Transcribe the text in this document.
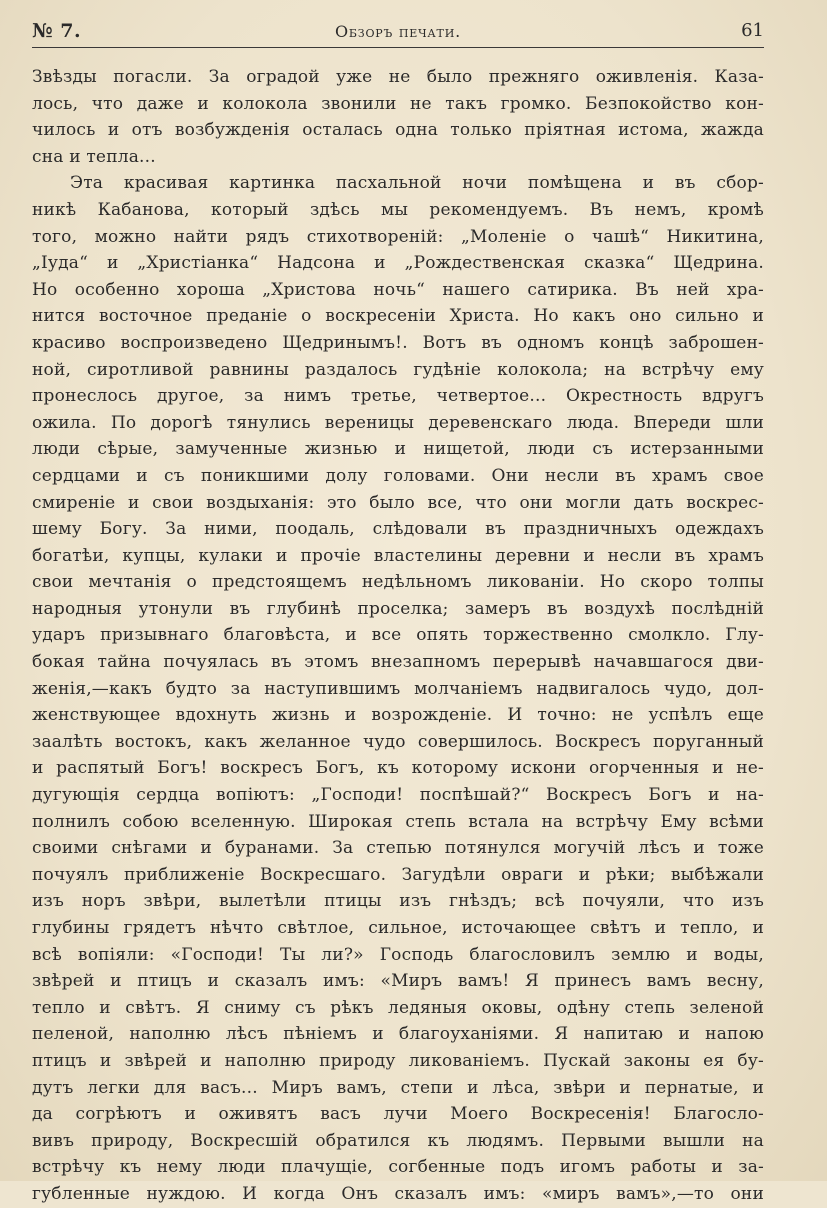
№ 7.	Обзоръ печати.	61
Звѣзды погасли. За оградой уже не было прежняго оживленія. Каза-
лось, что даже и колокола звонили не такъ громко. Безпокойство кон-
чилось и отъ возбужденія осталась одна только пріятная истома, жажда
сна и тепла...
Эта красивая картинка пасхальной ночи помѣщена и въ сбор-
никѣ Кабанова, который здѣсь мы рекомендуемъ. Въ немъ, кромѣ
того, можно найти рядъ стихотвореній: „Моленіе о чашѣ“ Никитина,
„Іуда“ и „Христіанка“ Надсона и „Рождественская сказка“ Щедрина.
Но особенно хороша „Христова ночь“ нашего сатирика. Въ ней хра-
нится восточное преданіе о воскресеніи Христа. Но какъ оно сильно и
красиво воспроизведено Щедринымъ!. Вотъ въ одномъ концѣ заброшен-
ной, сиротливой равнины раздалось гудѣніе колокола; на встрѣчу ему
пронеслось другое, за нимъ третье, четвертое... Окрестность вдругъ
ожила. По дорогѣ тянулись вереницы деревенскаго люда. Впереди шли
люди сѣрые, замученные жизнью и нищетой, люди съ истерзанными
сердцами и съ поникшими долу головами. Они несли въ храмъ свое
смиреніе и свои воздыханія: это было все, что они могли дать воскрес-
шему Богу. За ними, поодаль, слѣдовали въ праздничныхъ одеждахъ
богатѣи, купцы, кулаки и прочіе властелины деревни и несли въ храмъ
свои мечтанія о предстоящемъ недѣльномъ ликованіи. Но скоро толпы
народныя утонули въ глубинѣ проселка; замеръ въ воздухѣ послѣдній
ударъ призывнаго благовѣста, и все опять торжественно смолкло. Глу-
бокая тайна почуялась въ этомъ внезапномъ перерывѣ начавшагося дви-
женія,—какъ будто за наступившимъ молчаніемъ надвигалось чудо, дол-
женствующее вдохнуть жизнь и возрожденіе. И точно: не успѣлъ еще
заалѣть востокъ, какъ желанное чудо совершилось. Воскресъ поруганный
и распятый Богъ! воскресъ Богъ, къ которому искони огорченныя и не-
дугующія сердца вопіютъ: „Господи! поспѣшай?“ Воскресъ Богъ и на-
полнилъ собою вселенную. Широкая степь встала на встрѣчу Ему всѣми
своими снѣгами и буранами. За степью потянулся могучій лѣсъ и тоже
почуялъ приближеніе Воскресшаго. Загудѣли овраги и рѣки; выбѣжали
изъ норъ звѣри, вылетѣли птицы изъ гнѣздъ; всѣ почуяли, что изъ
глубины грядетъ нѣчто свѣтлое, сильное, источающее свѣтъ и тепло, и
всѣ вопіяли: «Господи! Ты ли?» Господь благословилъ землю и воды,
звѣрей и птицъ и сказалъ имъ: «Миръ вамъ! Я принесъ вамъ весну,
тепло и свѣтъ. Я сниму съ рѣкъ ледяныя оковы, одѣну степь зеленой
пеленой, наполню лѣсъ пѣніемъ и благоуханіями. Я напитаю и напою
птицъ и звѣрей и наполню природу ликованіемъ. Пускай законы ея бу-
дутъ легки для васъ... Миръ вамъ, степи и лѣса, звѣри и пернатые, и
да согрѣютъ и оживятъ васъ лучи Моего Воскресенія! Благосло-
вивъ природу, Воскресшій обратился къ людямъ. Первыми вышли на
встрѣчу къ нему люди плачущіе, согбенные подъ игомъ работы и за-
губленные нуждою. И когда Онъ сказалъ имъ: «миръ вамъ»,—то они
